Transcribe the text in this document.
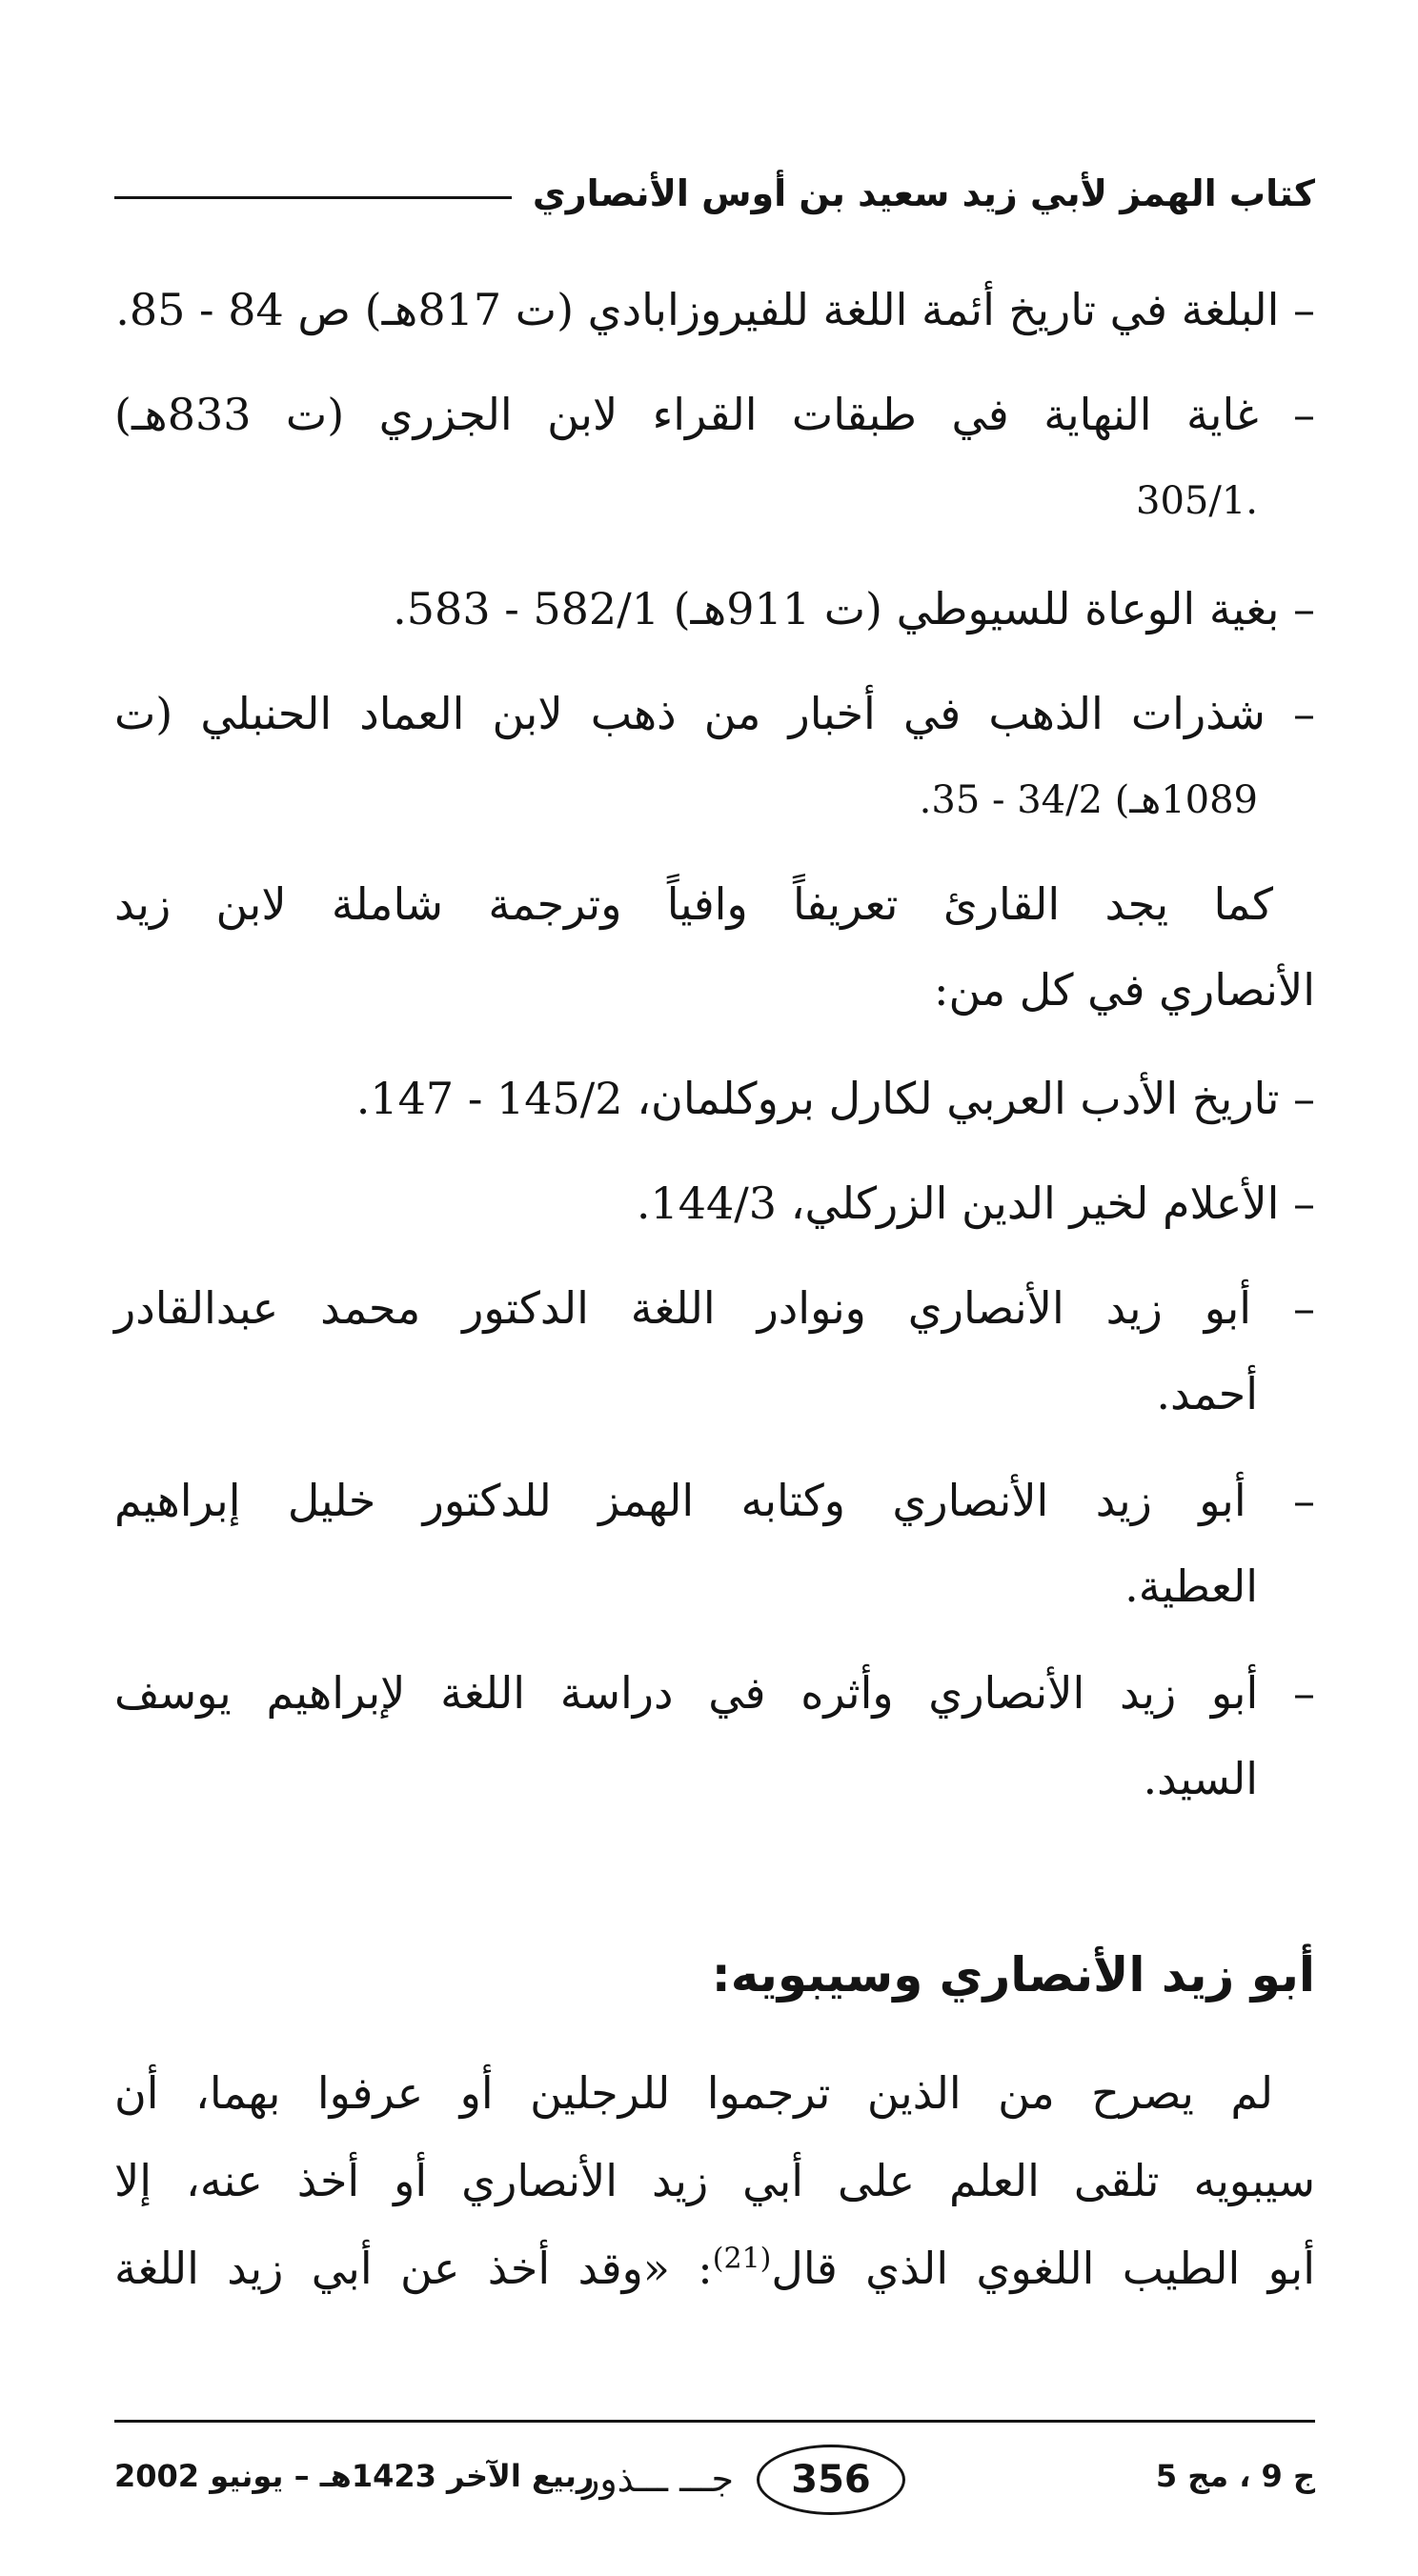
كتاب الهمز لأبي زيد سعيد بن أوس الأنصاري
– البلغة في تاريخ أئمة اللغة للفيروزابادي (ت 817هـ) ص 84 - 85.
– غاية النهاية في طبقات القراء لابن الجزري (ت 833هـ)
.305/1
– بغية الوعاة للسيوطي (ت 911هـ) 582/1 - 583.
– شذرات الذهب في أخبار من ذهب لابن العماد الحنبلي (ت
1089هـ) 34/2 - 35.
كما يجد القارئ تعريفاً وافياً وترجمة شاملة لابن زيد
الأنصاري في كل من:
– تاريخ الأدب العربي لكارل بروكلمان، 145/2 - 147.
– الأعلام لخير الدين الزركلي، 144/3.
– أبو زيد الأنصاري ونوادر اللغة الدكتور محمد عبدالقادر
أحمد.
– أبو زيد الأنصاري وكتابه الهمز للدكتور خليل إبراهيم
العطية.
– أبو زيد الأنصاري وأثره في دراسة اللغة لإبراهيم يوسف
السيد.
أبو زيد الأنصاري وسيبويه:
لم يصرح من الذين ترجموا للرجلين أو عرفوا بهما، أن
سيبويه تلقى العلم على أبي زيد الأنصاري أو أخذ عنه، إلا
أبو الطيب اللغوي الذي قال$^{(21)}$: «وقد أخذ عن أبي زيد اللغة
ج 9 ، مج 5
356
جـــ ـــذور
ربيع الآخر 1423هـ – يونيو 2002
